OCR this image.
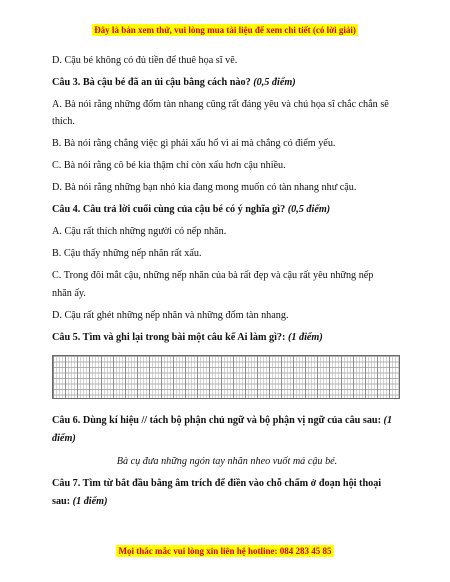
Đây là bản xem thử, vui lòng mua tài liệu để xem chi tiết (có lời giải)
D. Cậu bé không có đủ tiền để thuê họa sĩ vẽ.
Câu 3. Bà cậu bé đã an ủi cậu bằng cách nào? (0,5 điểm)
A. Bà nói rằng những đốm tàn nhang cũng rất đáng yêu và chú họa sĩ chắc chắn sẽ
thích.
B. Bà nói rằng chẳng việc gì phải xấu hổ vì ai mà chẳng có điểm yếu.
C. Bà nói rằng cô bé kia thậm chí còn xấu hơn cậu nhiều.
D. Bà nói rằng những bạn nhỏ kia đang mong muốn có tàn nhang như cậu.
Câu 4. Câu trả lời cuối cùng của cậu bé có ý nghĩa gì? (0,5 điểm)
A. Cậu rất thích những người có nếp nhăn.
B. Cậu thấy những nếp nhăn rất xấu.
C. Trong đôi mắt cậu, những nếp nhăn của bà rất đẹp và cậu rất yêu những nếp
nhăn ấy.
D. Cậu rất ghét những nếp nhăn và những đốm tàn nhang.
Câu 5. Tìm và ghi lại trong bài một câu kể Ai làm gì?: (1 điểm)
Câu 6. Dùng kí hiệu // tách bộ phận chủ ngữ và bộ phận vị ngữ của câu sau: (1
điểm)
Bà cụ đưa những ngón tay nhăn nheo vuốt má cậu bé.
Câu 7. Tìm từ bắt đầu bằng âm trích để điền vào chỗ chấm ở đoạn hội thoại
sau: (1 điểm)
Mọi thắc mắc vui lòng xin liên hệ hotline: 084 283 45 85
